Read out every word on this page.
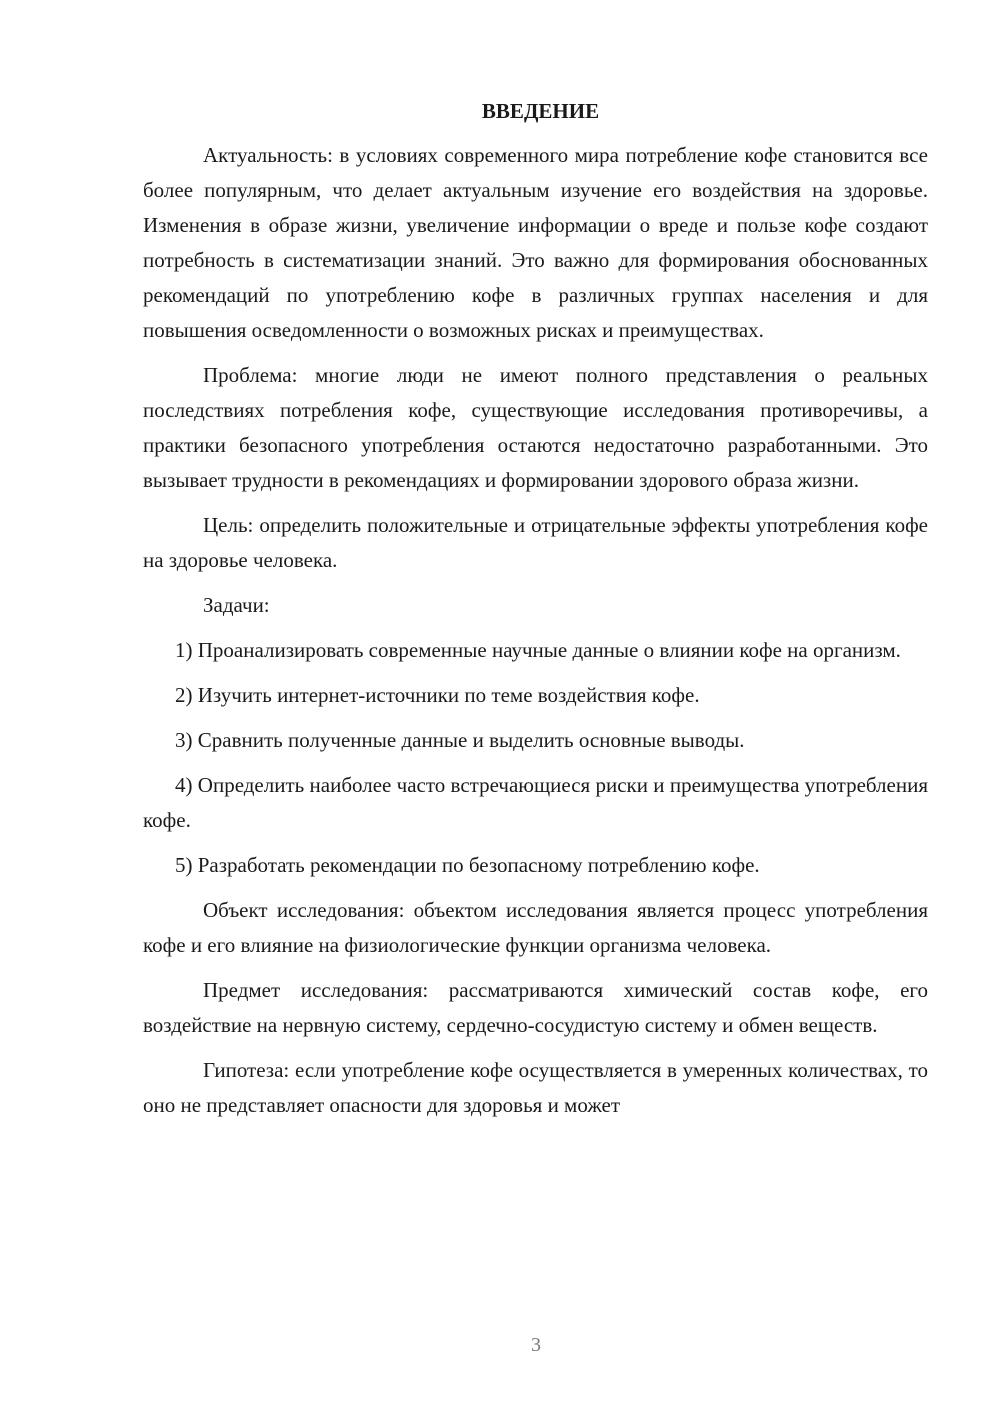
ВВЕДЕНИЕ

Актуальность: в условиях современного мира потребление кофе становится все более популярным, что делает актуальным изучение его воздействия на здоровье. Изменения в образе жизни, увеличение информации о вреде и пользе кофе создают потребность в систематизации знаний. Это важно для формирования обоснованных рекомендаций по употреблению кофе в различных группах населения и для повышения осведомленности о возможных рисках и преимуществах.

Проблема: многие люди не имеют полного представления о реальных последствиях потребления кофе, существующие исследования противоречивы, а практики безопасного употребления остаются недостаточно разработанными. Это вызывает трудности в рекомендациях и формировании здорового образа жизни.

Цель: определить положительные и отрицательные эффекты употребления кофе на здоровье человека.

Задачи:

1) Проанализировать современные научные данные о влиянии кофе на организм.

2) Изучить интернет-источники по теме воздействия кофе.

3) Сравнить полученные данные и выделить основные выводы.

4) Определить наиболее часто встречающиеся риски и преимущества употребления кофе.

5) Разработать рекомендации по безопасному потреблению кофе.

Объект исследования: объектом исследования является процесс употребления кофе и его влияние на физиологические функции организма человека.

Предмет исследования: рассматриваются химический состав кофе, его воздействие на нервную систему, сердечно-сосудистую систему и обмен веществ.

Гипотеза: если употребление кофе осуществляется в умеренных количествах, то оно не представляет опасности для здоровья и может

3
